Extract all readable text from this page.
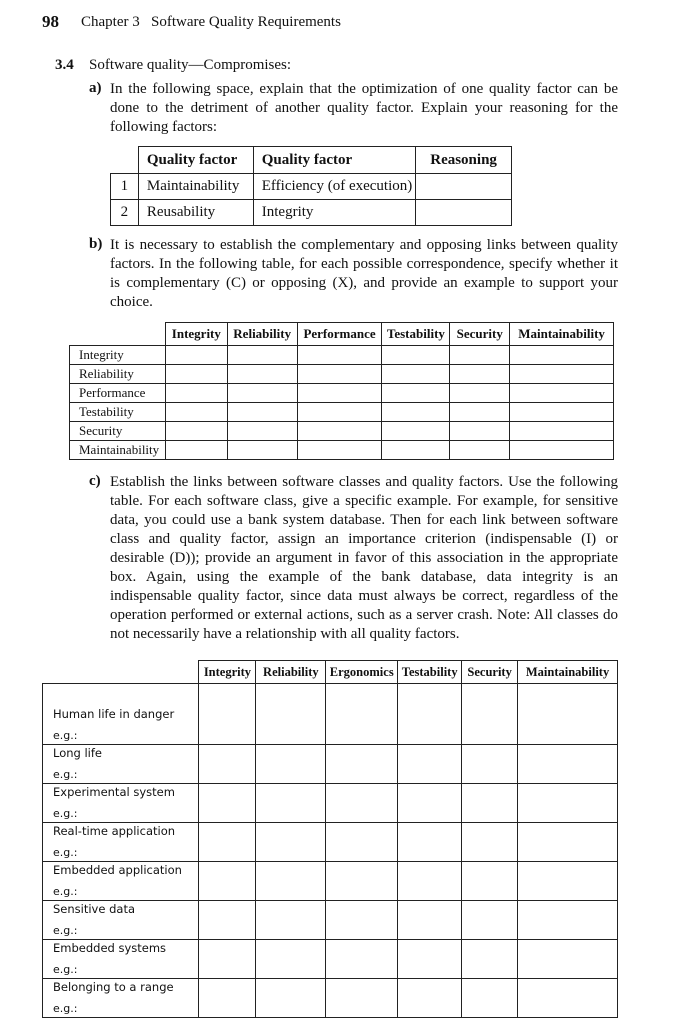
98 Chapter 3   Software Quality Requirements
3.4 Software quality—Compromises:
a) In the following space, explain that the optimization of one quality factor can be done to the detriment of another quality factor. Explain your reasoning for the following factors:
	Quality factor	Quality factor	Reasoning
1	Maintainability	Efficiency (of execution)	
2	Reusability	Integrity	
b) It is necessary to establish the complementary and opposing links between quality factors. In the following table, for each possible correspondence, specify whether it is complementary (C) or opposing (X), and provide an example to support your choice.
	Integrity	Reliability	Performance	Testability	Security	Maintainability
Integrity						
Reliability						
Performance						
Testability						
Security						
Maintainability						
c) Establish the links between software classes and quality factors. Use the following table. For each software class, give a specific example. For example, for sensitive data, you could use a bank system database. Then for each link between software class and quality factor, assign an importance criterion (indispensable (I) or desirable (D)); provide an argument in favor of this association in the appropriate box. Again, using the example of the bank database, data integrity is an indispensable quality factor, since data must always be correct, regardless of the operation performed or external actions, such as a server crash. Note: All classes do not necessarily have a relationship with all quality factors.
	Integrity	Reliability	Ergonomics	Testability	Security	Maintainability
Human life in danger
e.g.:						

Long life
e.g.:						

Experimental system
e.g.:						

Real-time application
e.g.:						

Embedded application
e.g.:						

Sensitive data
e.g.:						

Embedded systems
e.g.:						

Belonging to a range
e.g.:						
